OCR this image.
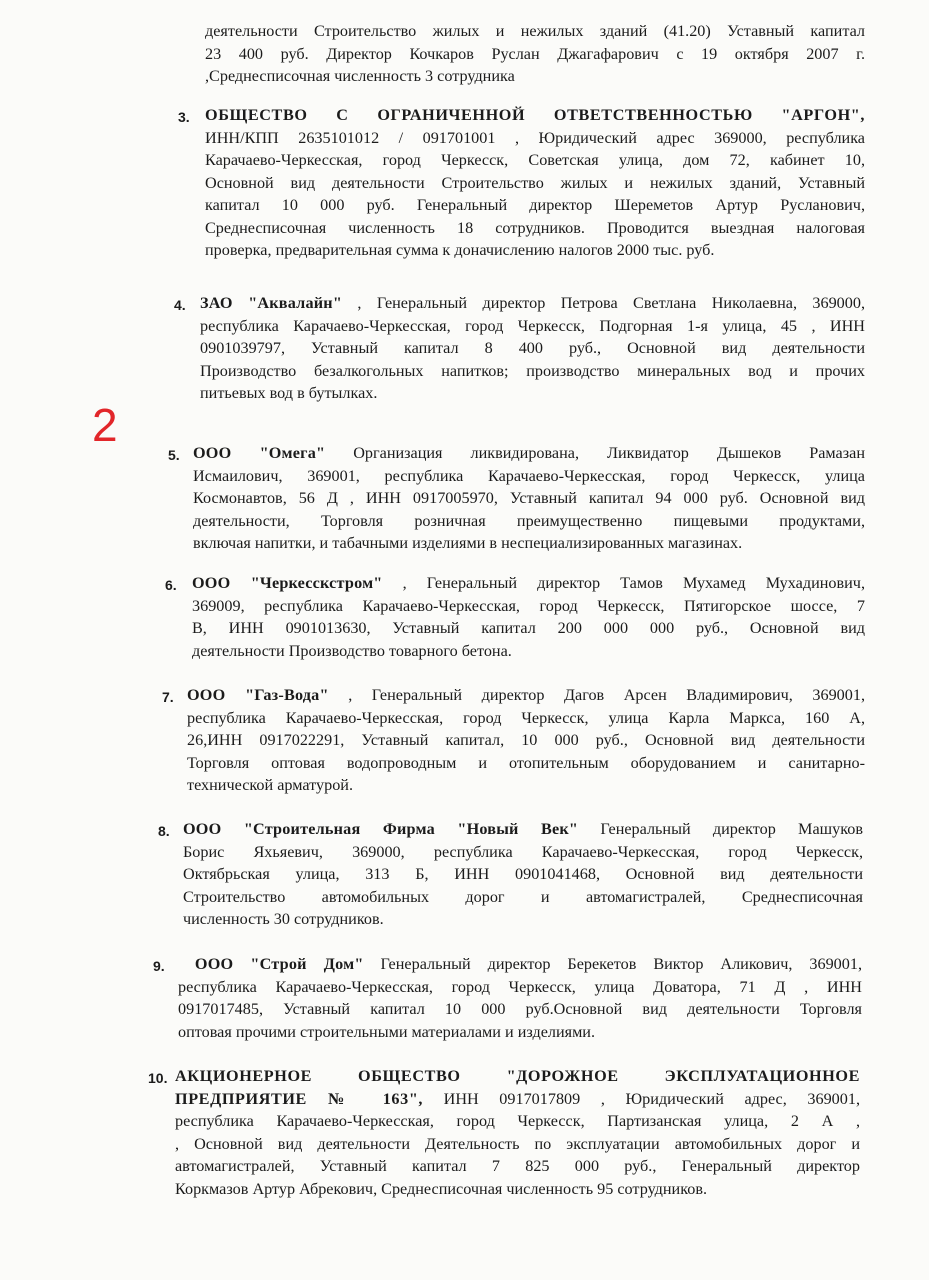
2
деятельности Строительство жилых и нежилых зданий (41.20) Уставный капитал
23 400 руб. Директор Кочкаров Руслан Джагафарович с 19 октября 2007 г.
,Среднесписочная численность 3 сотрудника
3. ОБЩЕСТВО С ОГРАНИЧЕННОЙ ОТВЕТСТВЕННОСТЬЮ "АРГОН",
ИНН/КПП 2635101012 / 091701001 , Юридический адрес 369000, республика
Карачаево-Черкесская, город Черкесск, Советская улица, дом 72, кабинет 10,
Основной вид деятельности Строительство жилых и нежилых зданий, Уставный
капитал 10 000 руб. Генеральный директор Шереметов Артур Русланович,
Среднесписочная численность 18 сотрудников. Проводится выездная налоговая
проверка, предварительная сумма к доначислению налогов 2000 тыс. руб.
4. ЗАО "Аквалайн" , Генеральный директор Петрова Светлана Николаевна, 369000,
республика Карачаево-Черкесская, город Черкесск, Подгорная 1-я улица, 45 , ИНН
0901039797, Уставный капитал 8 400 руб., Основной вид деятельности
Производство безалкогольных напитков; производство минеральных вод и прочих
питьевых вод в бутылках.
5. ООО "Омега" Организация ликвидирована, Ликвидатор Дышеков Рамазан
Исмаилович, 369001, республика Карачаево-Черкесская, город Черкесск, улица
Космонавтов, 56 Д , ИНН 0917005970, Уставный капитал 94 000 руб. Основной вид
деятельности, Торговля розничная преимущественно пищевыми продуктами,
включая напитки, и табачными изделиями в неспециализированных магазинах.
6. ООО "Черкесскстром" , Генеральный директор Тамов Мухамед Мухадинович,
369009, республика Карачаево-Черкесская, город Черкесск, Пятигорское шоссе, 7
В, ИНН 0901013630, Уставный капитал 200 000 000 руб., Основной вид
деятельности Производство товарного бетона.
7. ООО "Газ-Вода" , Генеральный директор Дагов Арсен Владимирович, 369001,
республика Карачаево-Черкесская, город Черкесск, улица Карла Маркса, 160 А,
26,ИНН 0917022291, Уставный капитал, 10 000 руб., Основной вид деятельности
Торговля оптовая водопроводным и отопительным оборудованием и санитарно-
технической арматурой.
8. ООО "Строительная Фирма "Новый Век" Генеральный директор Машуков
Борис Яхьяевич, 369000, республика Карачаево-Черкесская, город Черкесск,
Октябрьская улица, 313 Б, ИНН 0901041468, Основной вид деятельности
Строительство автомобильных дорог и автомагистралей, Среднесписочная
численность 30 сотрудников.
9.	ООО "Строй Дом" Генеральный директор Берекетов Виктор Аликович, 369001,
республика Карачаево-Черкесская, город Черкесск, улица Доватора, 71 Д , ИНН
0917017485, Уставный капитал 10 000 руб.Основной вид деятельности Торговля
оптовая прочими строительными материалами и изделиями.
10. АКЦИОНЕРНОЕ ОБЩЕСТВО "ДОРОЖНОЕ ЭКСПЛУАТАЦИОННОЕ
ПРЕДПРИЯТИЕ № 163", ИНН 0917017809 , Юридический адрес, 369001,
республика Карачаево-Черкесская, город Черкесск, Партизанская улица, 2 А ,
, Основной вид деятельности Деятельность по эксплуатации автомобильных дорог и
автомагистралей, Уставный капитал 7 825 000 руб., Генеральный директор
Коркмазов Артур Абрекович, Среднесписочная численность 95 сотрудников.
